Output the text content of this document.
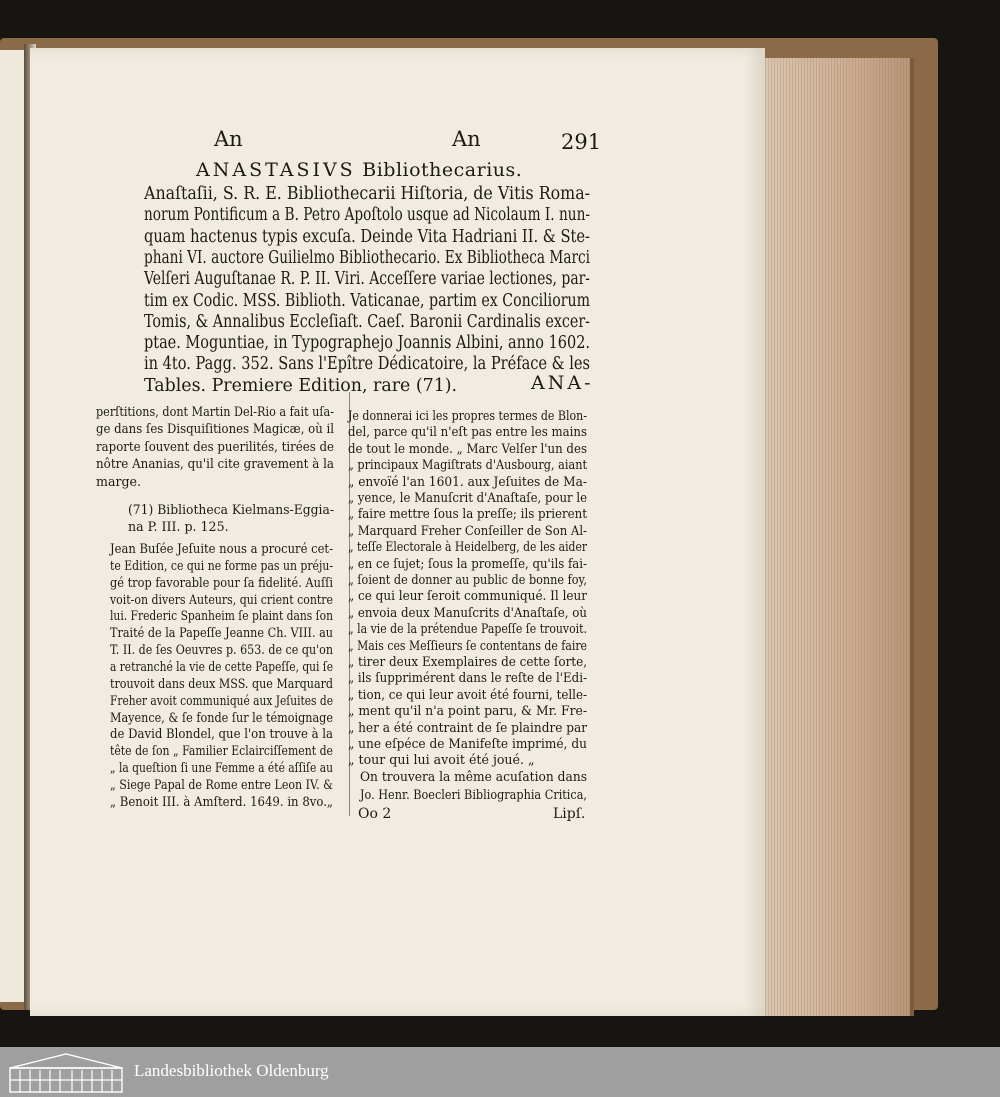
An	An	291
ANASTASIVS Bibliothecarius.
ANA-
Oo 2	Lipſ.
Anaſtaſii, S. R. E. Bibliothecarii Hiſtoria, de Vitis Roma-
norum Pontificum a B. Petro Apoſtolo usque ad Nicolaum I. nun-
quam hactenus typis excuſa. Deinde Vita Hadriani II. & Ste-
phani VI. auctore Guilielmo Bibliothecario. Ex Bibliotheca Marci
Velſeri Auguſtanae R. P. II. Viri. Acceſſere variae lectiones, par-
tim ex Codic. MSS. Biblioth. Vaticanae, partim ex Conciliorum
Tomis, & Annalibus Eccleſiaſt. Caeſ. Baronii Cardinalis excer-
ptae. Moguntiae, in Typographejo Joannis Albini, anno 1602.
in 4to. Pagg. 352. Sans l'Epître Dédicatoire, la Préface & les
Tables. Premiere Edition, rare (71).
perſtitions, dont Martin Del-Rio a fait uſa-
ge dans ſes Disquiſitiones Magicæ, où il
raporte ſouvent des puerilités, tirées de
nôtre Ananias, qu'il cite gravement à la
marge.
(71) Bibliotheca Kielmans-Eggia-
na P. III. p. 125.
Jean Buſée Jeſuite nous a procuré cet-
te Edition, ce qui ne forme pas un préju-
gé trop favorable pour ſa fidelité. Auſſi
voit-on divers Auteurs, qui crient contre
lui. Frederic Spanheim ſe plaint dans ſon
Traité de la Papeſſe Jeanne Ch. VIII. au
T. II. de ſes Oeuvres p. 653. de ce qu'on
a retranché la vie de cette Papeſſe, qui ſe
trouvoit dans deux MSS. que Marquard
Freher avoit communiqué aux Jeſuites de
Mayence, & ſe fonde ſur le témoignage
de David Blondel, que l'on trouve à la
tête de ſon „ Familier Eclairciſſement de
„ la queſtion ſi une Femme a été aſſiſe au
„ Siege Papal de Rome entre Leon IV. &
„ Benoit III. à Amſterd. 1649. in 8vo.„
Je donnerai ici les propres termes de Blon-
del, parce qu'il n'eſt pas entre les mains
de tout le monde. „ Marc Velſer l'un des
„ principaux Magiſtrats d'Ausbourg, aiant
„ envoïé l'an 1601. aux Jeſuites de Ma-
„ yence, le Manuſcrit d'Anaſtaſe, pour le
„ faire mettre ſous la preſſe; ils prierent
„ Marquard Freher Conſeiller de Son Al-
„ teſſe Electorale à Heidelberg, de les aider
„ en ce ſujet; ſous la promeſſe, qu'ils fai-
„ ſoient de donner au public de bonne foy,
„ ce qui leur ſeroit communiqué. Il leur
„ envoia deux Manuſcrits d'Anaſtaſe, où
„ la vie de la prétendue Papeſſe ſe trouvoit.
„ Mais ces Meſſieurs ſe contentans de faire
„ tirer deux Exemplaires de cette ſorte,
„ ils ſupprimérent dans le reſte de l'Edi-
„ tion, ce qui leur avoit été fourni, telle-
„ ment qu'il n'a point paru, & Mr. Fre-
„ her a été contraint de ſe plaindre par
„ une eſpéce de Manifeſte imprimé, du
„ tour qui lui avoit été joué. „
On trouvera la même acuſation dans
Jo. Henr. Boecleri Bibliographia Critica,
Landesbibliothek Oldenburg
